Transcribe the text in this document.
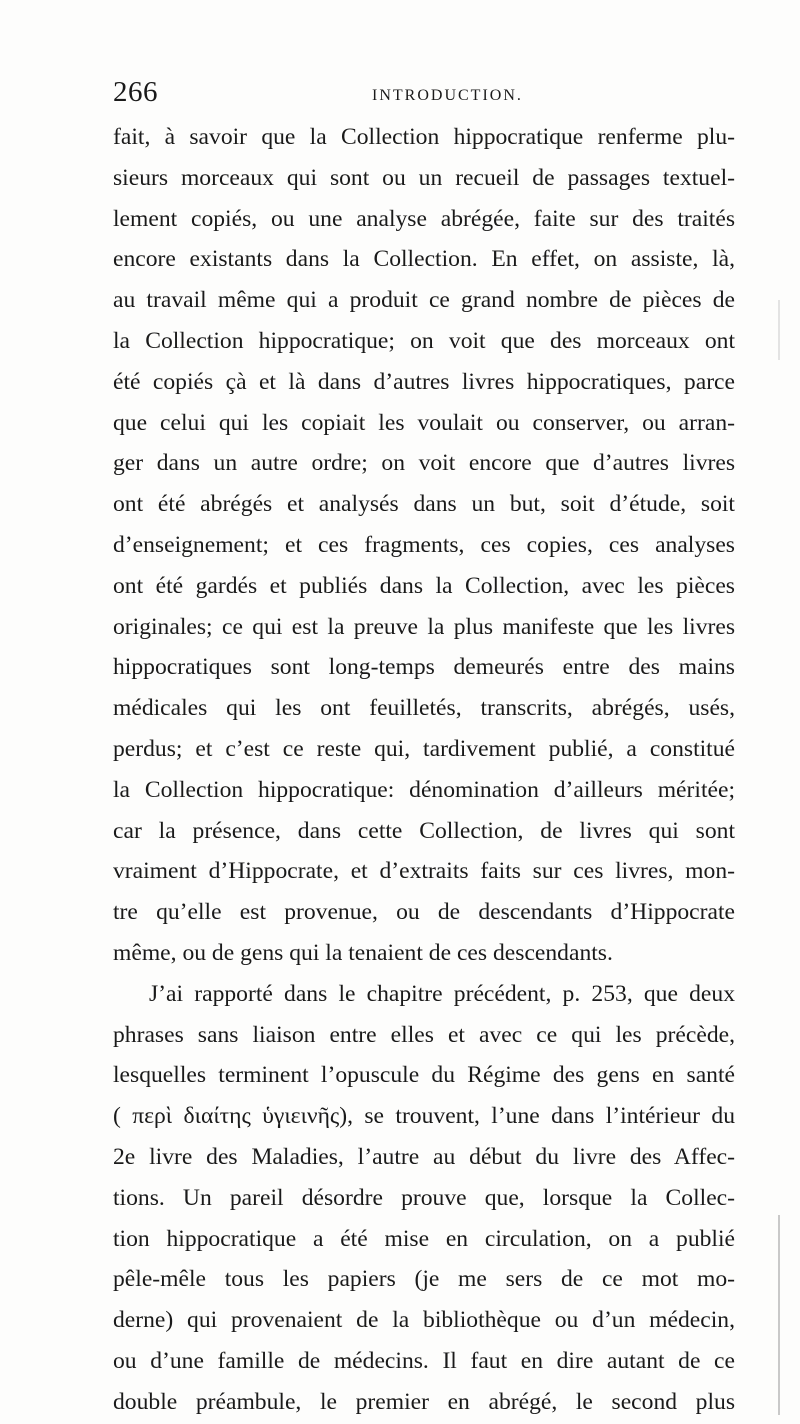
266	INTRODUCTION.
fait, à savoir que la Collection hippocratique renferme plu-
sieurs morceaux qui sont ou un recueil de passages textuel-
lement copiés, ou une analyse abrégée, faite sur des traités
encore existants dans la Collection. En effet, on assiste, là,
au travail même qui a produit ce grand nombre de pièces de
la Collection hippocratique; on voit que des morceaux ont
été copiés çà et là dans d’autres livres hippocratiques, parce
que celui qui les copiait les voulait ou conserver, ou arran-
ger dans un autre ordre; on voit encore que d’autres livres
ont été abrégés et analysés dans un but, soit d’étude, soit
d’enseignement; et ces fragments, ces copies, ces analyses
ont été gardés et publiés dans la Collection, avec les pièces
originales; ce qui est la preuve la plus manifeste que les livres
hippocratiques sont long-temps demeurés entre des mains
médicales qui les ont feuilletés, transcrits, abrégés, usés,
perdus; et c’est ce reste qui, tardivement publié, a constitué
la Collection hippocratique: dénomination d’ailleurs méritée;
car la présence, dans cette Collection, de livres qui sont
vraiment d’Hippocrate, et d’extraits faits sur ces livres, mon-
tre qu’elle est provenue, ou de descendants d’Hippocrate
même, ou de gens qui la tenaient de ces descendants.
J’ai rapporté dans le chapitre précédent, p. 253, que deux
phrases sans liaison entre elles et avec ce qui les précède,
lesquelles terminent l’opuscule du Régime des gens en santé
( περὶ διαίτης ὑγιεινῆς), se trouvent, l’une dans l’intérieur du
2e livre des Maladies, l’autre au début du livre des Affec-
tions. Un pareil désordre prouve que, lorsque la Collec-
tion hippocratique a été mise en circulation, on a publié
pêle-mêle tous les papiers (je me sers de ce mot mo-
derne) qui provenaient de la bibliothèque ou d’un médecin,
ou d’une famille de médecins. Il faut en dire autant de ce
double préambule, le premier en abrégé, le second plus
